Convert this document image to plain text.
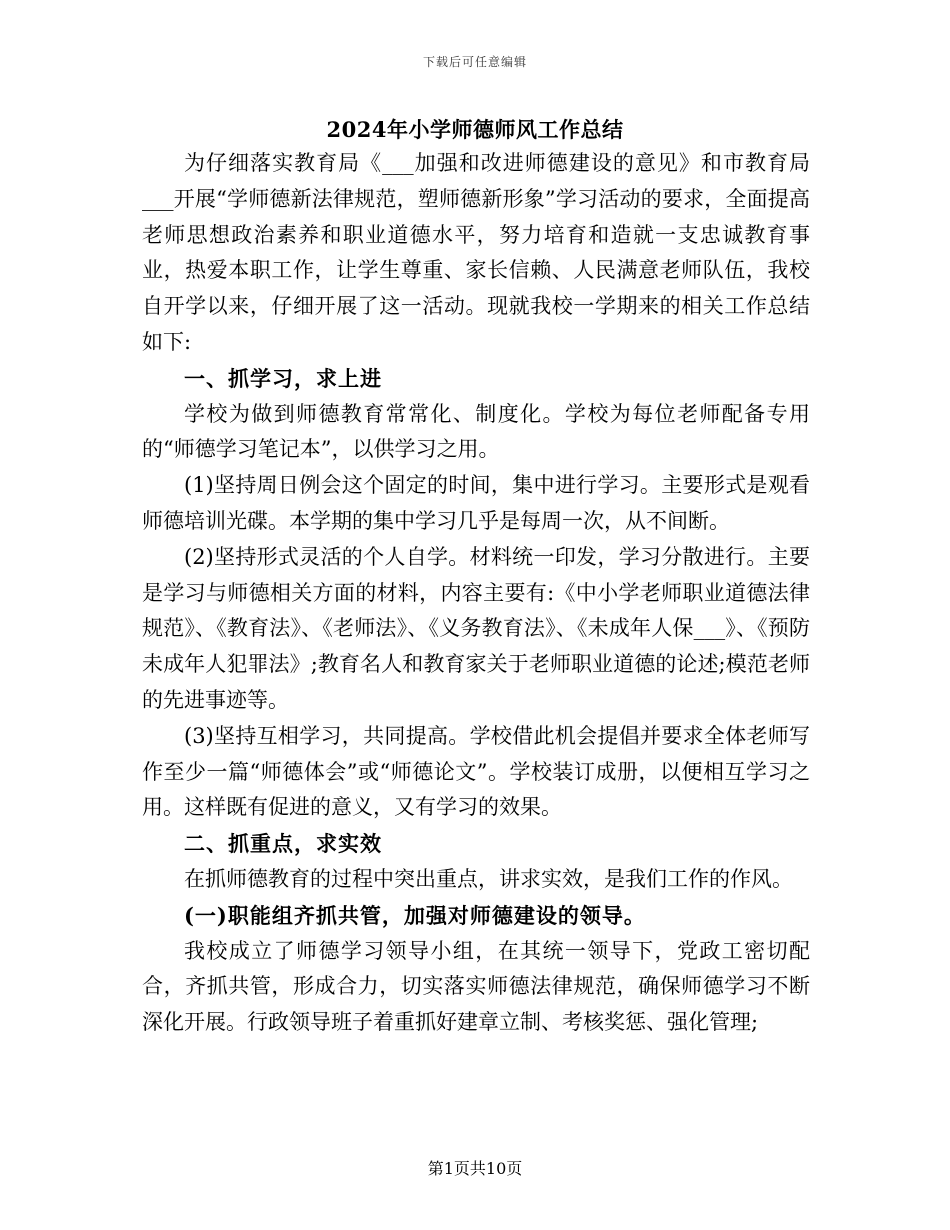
下载后可任意编辑
2024年小学师德师风工作总结

为仔细落实教育局《___加强和改进师德建设的意见》和市教育局___开展“学师德新法律规范，塑师德新形象”学习活动的要求，全面提高老师思想政治素养和职业道德水平，努力培育和造就一支忠诚教育事业，热爱本职工作，让学生尊重、家长信赖、人民满意老师队伍，我校自开学以来，仔细开展了这一活动。现就我校一学期来的相关工作总结如下:

一、抓学习，求上进

学校为做到师德教育常常化、制度化。学校为每位老师配备专用的“师德学习笔记本”，以供学习之用。

(1)坚持周日例会这个固定的时间，集中进行学习。主要形式是观看师德培训光碟。本学期的集中学习几乎是每周一次，从不间断。

(2)坚持形式灵活的个人自学。材料统一印发，学习分散进行。主要是学习与师德相关方面的材料，内容主要有:《中小学老师职业道德法律规范》、《教育法》、《老师法》、《义务教育法》、《未成年人保___》、《预防未成年人犯罪法》;教育名人和教育家关于老师职业道德的论述;模范老师的先进事迹等。

(3)坚持互相学习，共同提高。学校借此机会提倡并要求全体老师写作至少一篇“师德体会”或“师德论文”。学校装订成册，以便相互学习之用。这样既有促进的意义，又有学习的效果。

二、抓重点，求实效

在抓师德教育的过程中突出重点，讲求实效，是我们工作的作风。

(一)职能组齐抓共管，加强对师德建设的领导。

我校成立了师德学习领导小组，在其统一领导下，党政工密切配合，齐抓共管，形成合力，切实落实师德法律规范，确保师德学习不断深化开展。行政领导班子着重抓好建章立制、考核奖惩、强化管理;

第1页共10页
